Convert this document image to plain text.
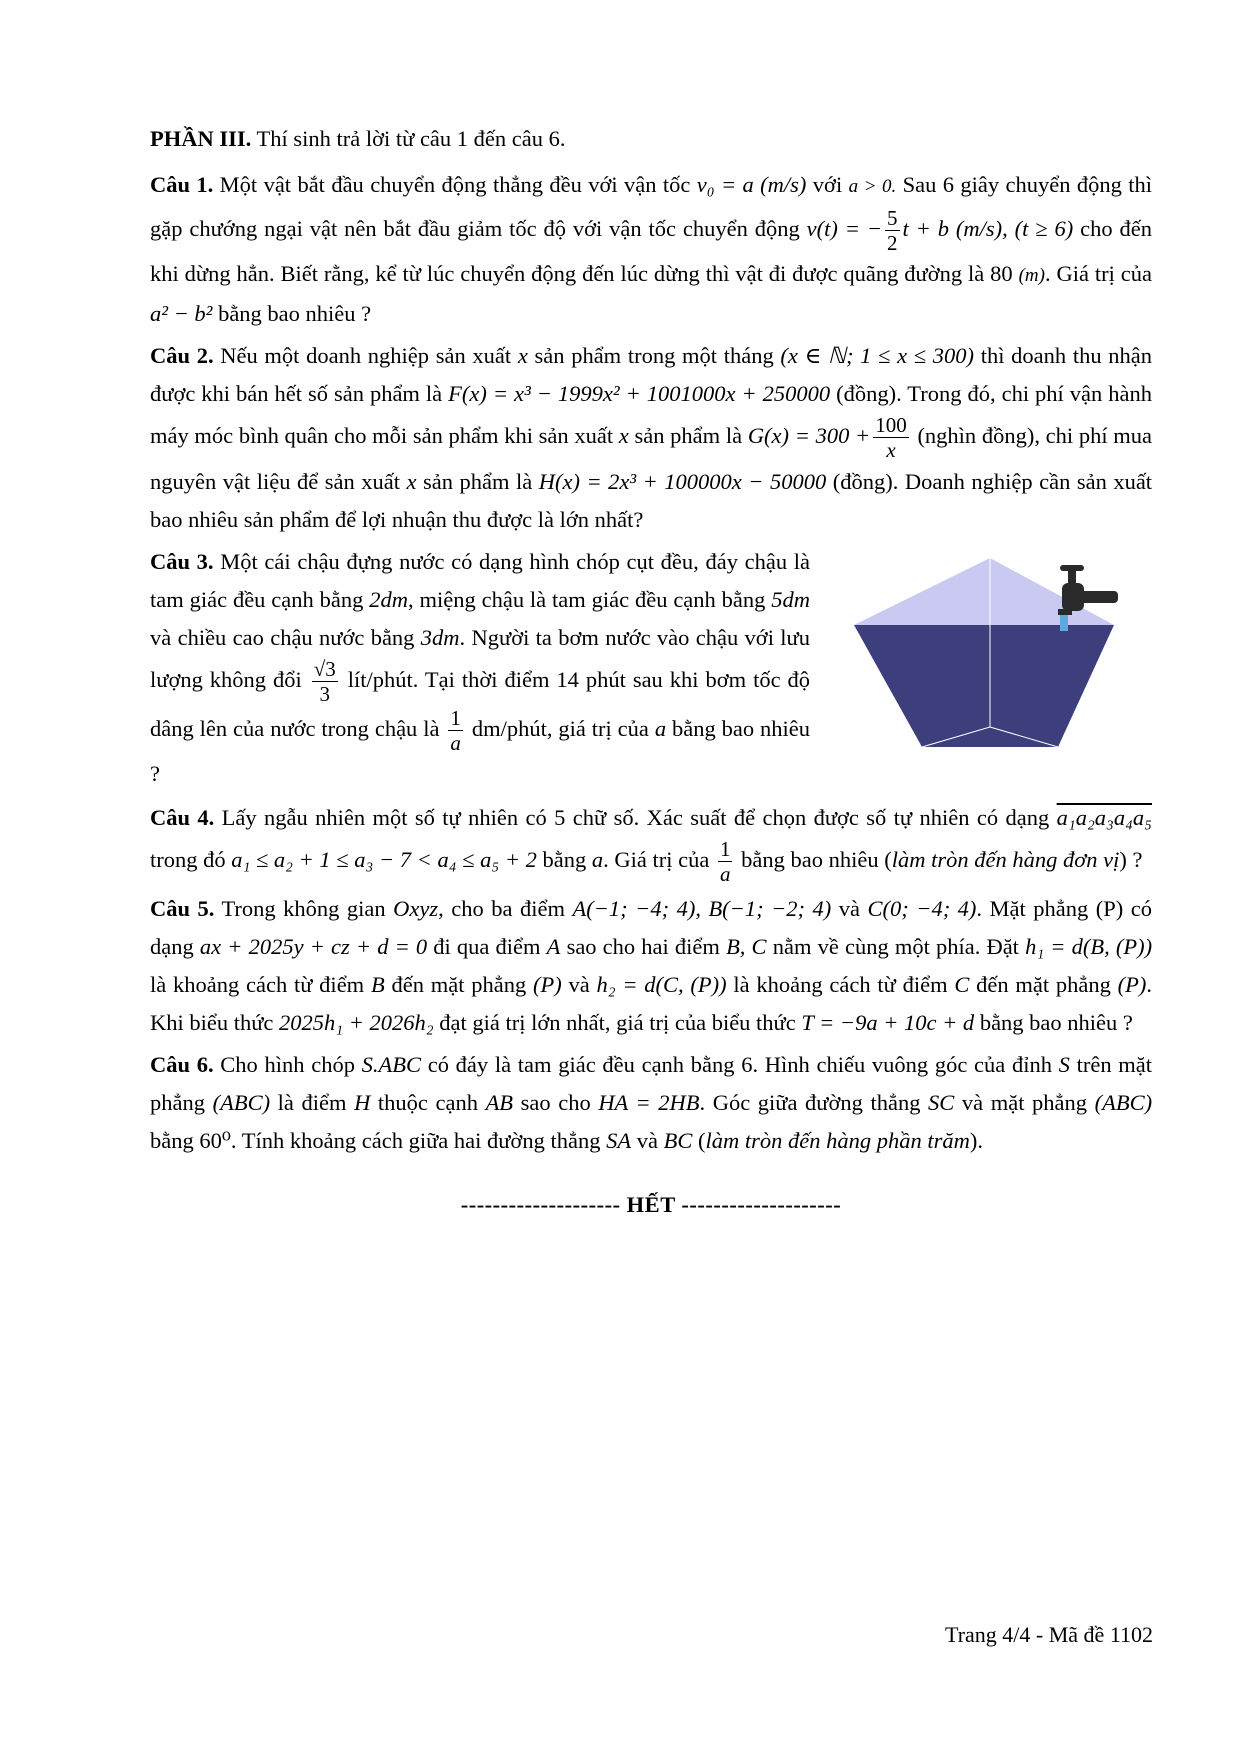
PHẦN III. Thí sinh trả lời từ câu 1 đến câu 6.

Câu 1. Một vật bắt đầu chuyển động thẳng đều với vận tốc v₀ = a (m/s) với a > 0. Sau 6 giây chuyển động thì gặp chướng ngại vật nên bắt đầu giảm tốc độ với vận tốc chuyển động v(t) = − $\frac{5}{2}$ t + b (m/s), (t ≥ 6) cho đến khi dừng hẳn. Biết rằng, kể từ lúc chuyển động đến lúc dừng thì vật đi được quãng đường là 80 (m). Giá trị của a² − b² bằng bao nhiêu ?

Câu 2. Nếu một doanh nghiệp sản xuất x sản phẩm trong một tháng (x ∈ ℕ; 1 ≤ x ≤ 300) thì doanh thu nhận được khi bán hết số sản phẩm là F(x) = x³ − 1999x² + 1001000x + 250000 (đồng). Trong đó, chi phí vận hành máy móc bình quân cho mỗi sản phẩm khi sản xuất x sản phẩm là $G(x) = 300 + \frac{100}{x}$ (nghìn đồng), chi phí mua nguyên vật liệu để sản xuất x sản phẩm là H(x) = 2x³ + 100000x − 50000 (đồng). Doanh nghiệp cần sản xuất bao nhiêu sản phẩm để lợi nhuận thu được là lớn nhất?

Câu 3. Một cái chậu đựng nước có dạng hình chóp cụt đều, đáy chậu là tam giác đều cạnh bằng 2dm, miệng chậu là tam giác đều cạnh bằng 5dm và chiều cao chậu nước bằng 3dm. Người ta bơm nước vào chậu với lưu lượng không đổi $\frac{√3}{3}$ lít/phút. Tại thời điểm 14 phút sau khi bơm tốc độ dâng lên của nước trong chậu là $\frac{1}{a}$ dm/phút, giá trị của a bằng bao nhiêu ?

Câu 4. Lấy ngẫu nhiên một số tự nhiên có 5 chữ số. Xác suất để chọn được số tự nhiên có dạng a₁a₂a₃a₄a₅ trong đó a₁ ≤ a₂ + 1 ≤ a₃ − 7 < a₄ ≤ a₅ + 2 bằng a. Giá trị của $\frac{1}{a}$ bằng bao nhiêu (làm tròn đến hàng đơn vị) ?

Câu 5. Trong không gian Oxyz, cho ba điểm A(−1; −4; 4), B(−1; −2; 4) và C(0; −4; 4). Mặt phẳng (P) có dạng ax + 2025y + cz + d = 0 đi qua điểm A sao cho hai điểm B, C nằm về cùng một phía. Đặt h₁ = d(B, (P)) là khoảng cách từ điểm B đến mặt phẳng (P) và h₂ = d(C, (P)) là khoảng cách từ điểm C đến mặt phẳng (P). Khi biểu thức 2025h₁ + 2026h₂ đạt giá trị lớn nhất, giá trị của biểu thức T = −9a + 10c + d bằng bao nhiêu ?

Câu 6. Cho hình chóp S.ABC có đáy là tam giác đều cạnh bằng 6. Hình chiếu vuông góc của đỉnh S trên mặt phẳng (ABC) là điểm H thuộc cạnh AB sao cho HA = 2HB. Góc giữa đường thẳng SC và mặt phẳng (ABC) bằng 60⁰. Tính khoảng cách giữa hai đường thẳng SA và BC (làm tròn đến hàng phần trăm).

-------------------- HẾT --------------------

Trang 4/4 - Mã đề 1102
